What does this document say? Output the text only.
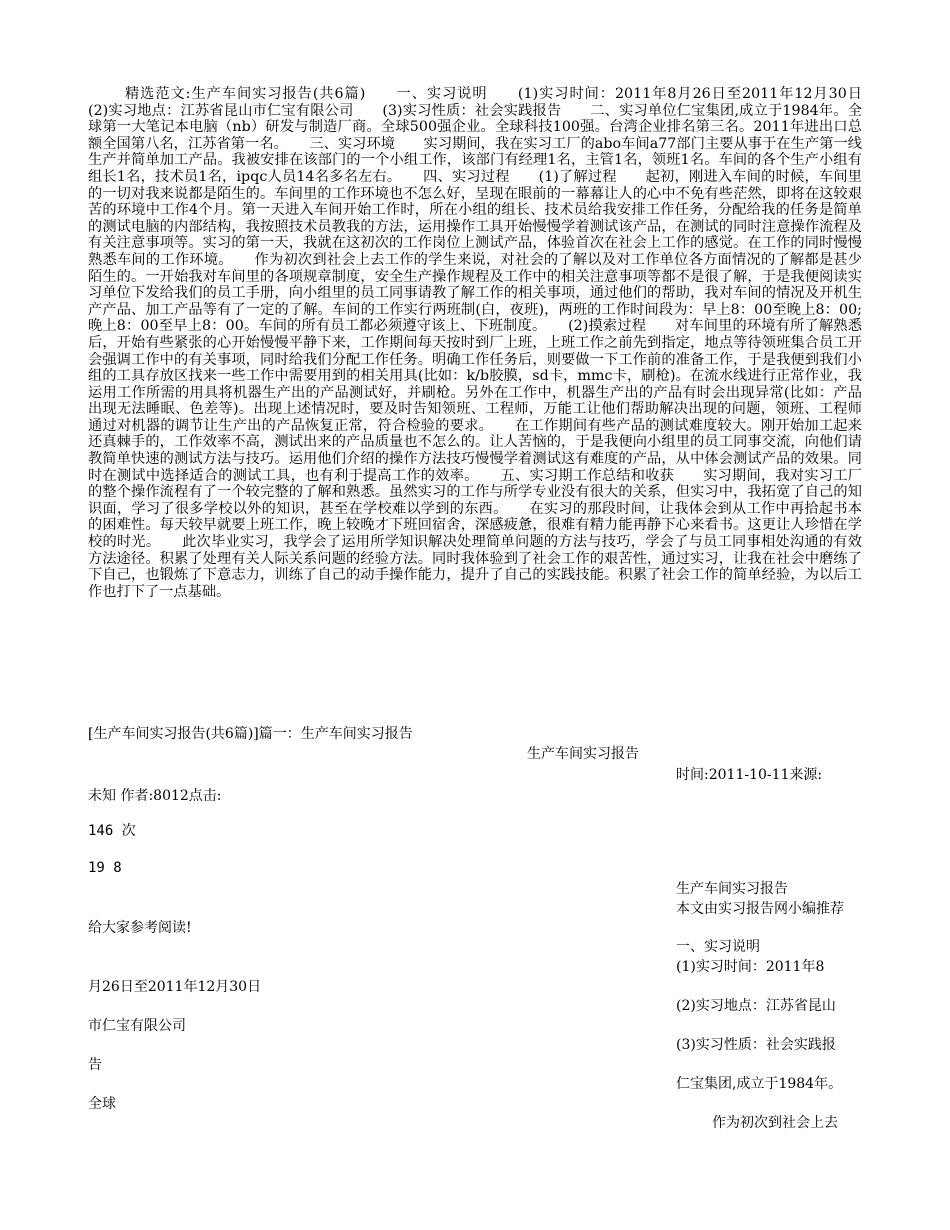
精选范文:生产车间实习报告(共6篇)　　一、实习说明　　(1)实习时间：2011年8月26日至2011年12月30日　　(2)实习地点：江苏省昆山市仁宝有限公司　　(3)实习性质：社会实践报告　　二、实习单位仁宝集团,成立于1984年。全球第一大笔记本电脑（nb）研发与制造厂商。全球500强企业。全球科技100强。台湾企业排名第三名。2011年进出口总额全国第八名，江苏省第一名。　　三、实习环境　　实习期间，我在实习工厂的abo车间a77部门主要从事于在生产第一线生产并简单加工产品。我被安排在该部门的一个小组工作，该部门有经理1名，主管1名，领班1名。车间的各个生产小组有组长1名，技术员1名，ipqc人员14名多名左右。　　四、实习过程　　(1)了解过程　　起初，刚进入车间的时候，车间里的一切对我来说都是陌生的。车间里的工作环境也不怎么好，呈现在眼前的一幕幕让人的心中不免有些茫然，即将在这较艰苦的环境中工作4个月。第一天进入车间开始工作时，所在小组的组长、技术员给我安排工作任务，分配给我的任务是简单的测试电脑的内部结构，我按照技术员教我的方法，运用操作工具开始慢慢学着测试该产品，在测试的同时注意操作流程及有关注意事项等。实习的第一天，我就在这初次的工作岗位上测试产品，体验首次在社会上工作的感觉。在工作的同时慢慢熟悉车间的工作环境。　　作为初次到社会上去工作的学生来说，对社会的了解以及对工作单位各方面情况的了解都是甚少陌生的。一开始我对车间里的各项规章制度，安全生产操作规程及工作中的相关注意事项等都不是很了解，于是我便阅读实习单位下发给我们的员工手册，向小组里的员工同事请教了解工作的相关事项，通过他们的帮助，我对车间的情况及开机生产产品、加工产品等有了一定的了解。车间的工作实行两班制(白，夜班)，两班的工作时间段为：早上8：00至晚上8：00;晚上8：00至早上8：00。车间的所有员工都必须遵守该上、下班制度。　　(2)摸索过程　　对车间里的环境有所了解熟悉后，开始有些紧张的心开始慢慢平静下来，工作期间每天按时到厂上班，上班工作之前先到指定，地点等待领班集合员工开会强调工作中的有关事项，同时给我们分配工作任务。明确工作任务后，则要做一下工作前的准备工作，于是我便到我们小组的工具存放区找来一些工作中需要用到的相关用具(比如：k/b胶膜，sd卡，mmc卡，刷枪)。在流水线进行正常作业，我运用工作所需的用具将机器生产出的产品测试好，并刷枪。另外在工作中，机器生产出的产品有时会出现异常(比如：产品出现无法睡眠、色差等)。出现上述情况时，要及时告知领班、工程师，万能工让他们帮助解决出现的问题，领班、工程师通过对机器的调节让生产出的产品恢复正常，符合检验的要求。　　在工作期间有些产品的测试难度较大。刚开始加工起来还真棘手的，工作效率不高，测试出来的产品质量也不怎么的。让人苦恼的，于是我便向小组里的员工同事交流，向他们请教简单快速的测试方法与技巧。运用他们介绍的操作方法技巧慢慢学着测试这有难度的产品，从中体会测试产品的效果。同时在测试中选择适合的测试工具，也有利于提高工作的效率。　　五、实习期工作总结和收获　　实习期间，我对实习工厂的整个操作流程有了一个较完整的了解和熟悉。虽然实习的工作与所学专业没有很大的关系，但实习中，我拓宽了自己的知识面，学习了很多学校以外的知识，甚至在学校难以学到的东西。　　在实习的那段时间，让我体会到从工作中再拾起书本的困难性。每天较早就要上班工作，晚上较晚才下班回宿舍，深感疲惫，很难有精力能再静下心来看书。这更让人珍惜在学校的时光。　　此次毕业实习，我学会了运用所学知识解决处理简单问题的方法与技巧，学会了与员工同事相处沟通的有效方法途径。积累了处理有关人际关系问题的经验方法。同时我体验到了社会工作的艰苦性，通过实习，让我在社会中磨练了下自己，也锻炼了下意志力，训练了自己的动手操作能力，提升了自己的实践技能。积累了社会工作的简单经验，为以后工作也打下了一点基础。
[生产车间实习报告(共6篇)]篇一：生产车间实习报告
生产车间实习报告
时间:2011-10-11来源:
未知 作者:8012点击:
146 次
19 8
生产车间实习报告
本文由实习报告网小编推荐
给大家参考阅读!
一、实习说明
(1)实习时间：2011年8
月26日至2011年12月30日
(2)实习地点：江苏省昆山
市仁宝有限公司
(3)实习性质：社会实践报
告
仁宝集团,成立于1984年。
全球
作为初次到社会上去
